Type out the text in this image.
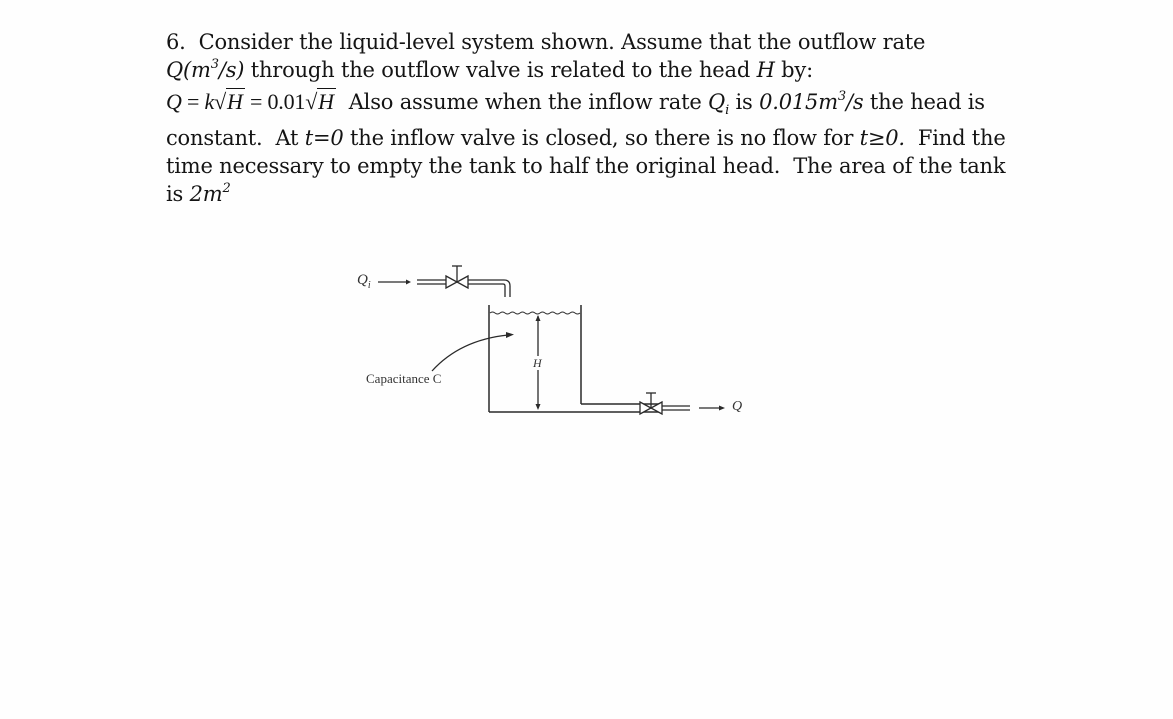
6. Consider the liquid-level system shown. Assume that the outflow rate
$Q(m^3/s)$ through the outflow valve is related to the head H by:
Q = k√H = 0.01√H  Also assume when the inflow rate $Q_i$ is $0.015m^3/s$ the head is
constant.  At t=0 the inflow valve is closed, so there is no flow for t≥0.  Find the
time necessary to empty the tank to half the original head.  The area of the tank
is $2m^2$
$Q_i$
Q
H
Capacitance C
